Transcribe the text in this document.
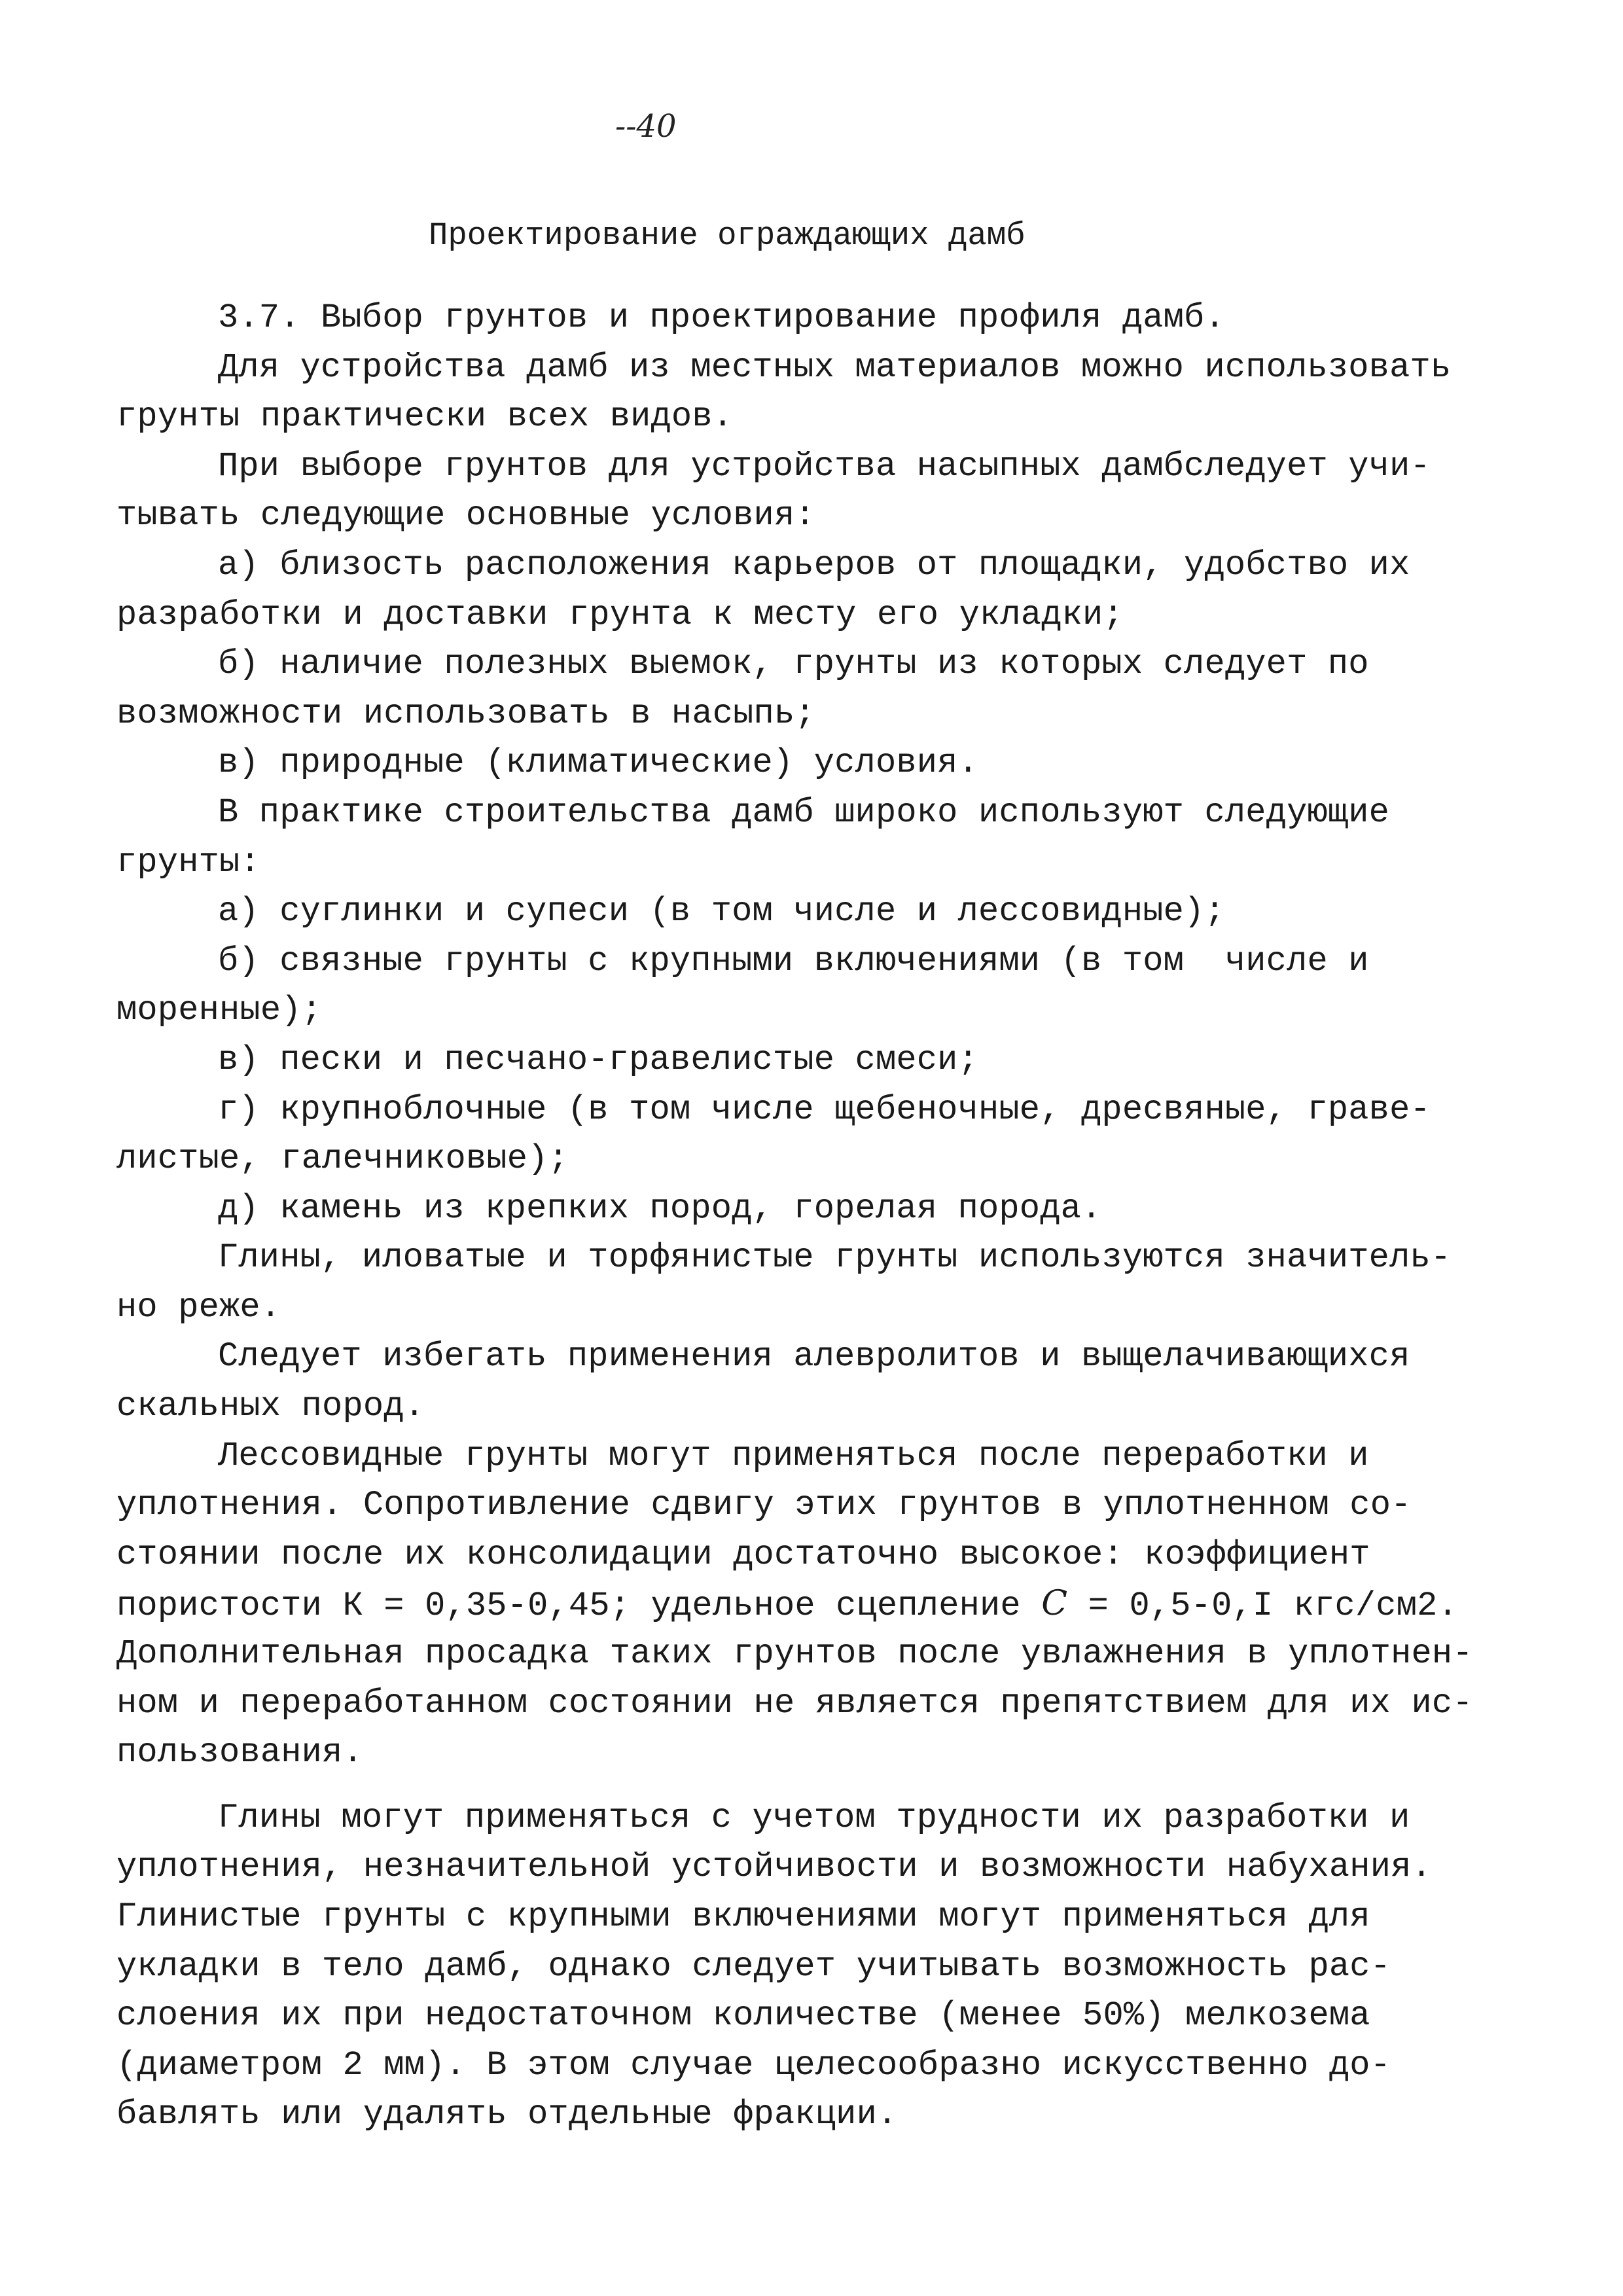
--40
Проектирование ограждающих дамб
3.7. Выбор грунтов и проектирование профиля дамб.
Для устройства дамб из местных материалов можно использовать
грунты практически всех видов.
При выборе грунтов для устройства насыпных дамбследует учи-
тывать следующие основные условия:
а) близость расположения карьеров от площадки, удобство их
разработки и доставки грунта к месту его укладки;
б) наличие полезных выемок, грунты из которых следует по
возможности использовать в насыпь;
в) природные (климатические) условия.
В практике строительства дамб широко используют следующие
грунты:
а) суглинки и супеси (в том числе и лессовидные);
б) связные грунты с крупными включениями (в том  числе и
моренные);
в) пески и песчано-гравелистые смеси;
г) крупноблочные (в том числе щебеночные, дресвяные, граве-
листые, галечниковые);
д) камень из крепких пород, горелая порода.
Глины, иловатые и торфянистые грунты используются значитель-
но реже.
Следует избегать применения алевролитов и выщелачивающихся
скальных пород.
Лессовидные грунты могут применяться после переработки и
уплотнения. Сопротивление сдвигу этих грунтов в уплотненном со-
стоянии после их консолидации достаточно высокое: коэффициент
пористости К = 0,35-0,45; удельное сцепление C = 0,5-0,I кгс/см2.
Дополнительная просадка таких грунтов после увлажнения в уплотнен-
ном и переработанном состоянии не является препятствием для их ис-
пользования.
Глины могут применяться с учетом трудности их разработки и
уплотнения, незначительной устойчивости и возможности набухания.
Глинистые грунты с крупными включениями могут применяться для
укладки в тело дамб, однако следует учитывать возможность рас-
слоения их при недостаточном количестве (менее 50%) мелкозема
(диаметром 2 мм). В этом случае целесообразно искусственно до-
бавлять или удалять отдельные фракции.
